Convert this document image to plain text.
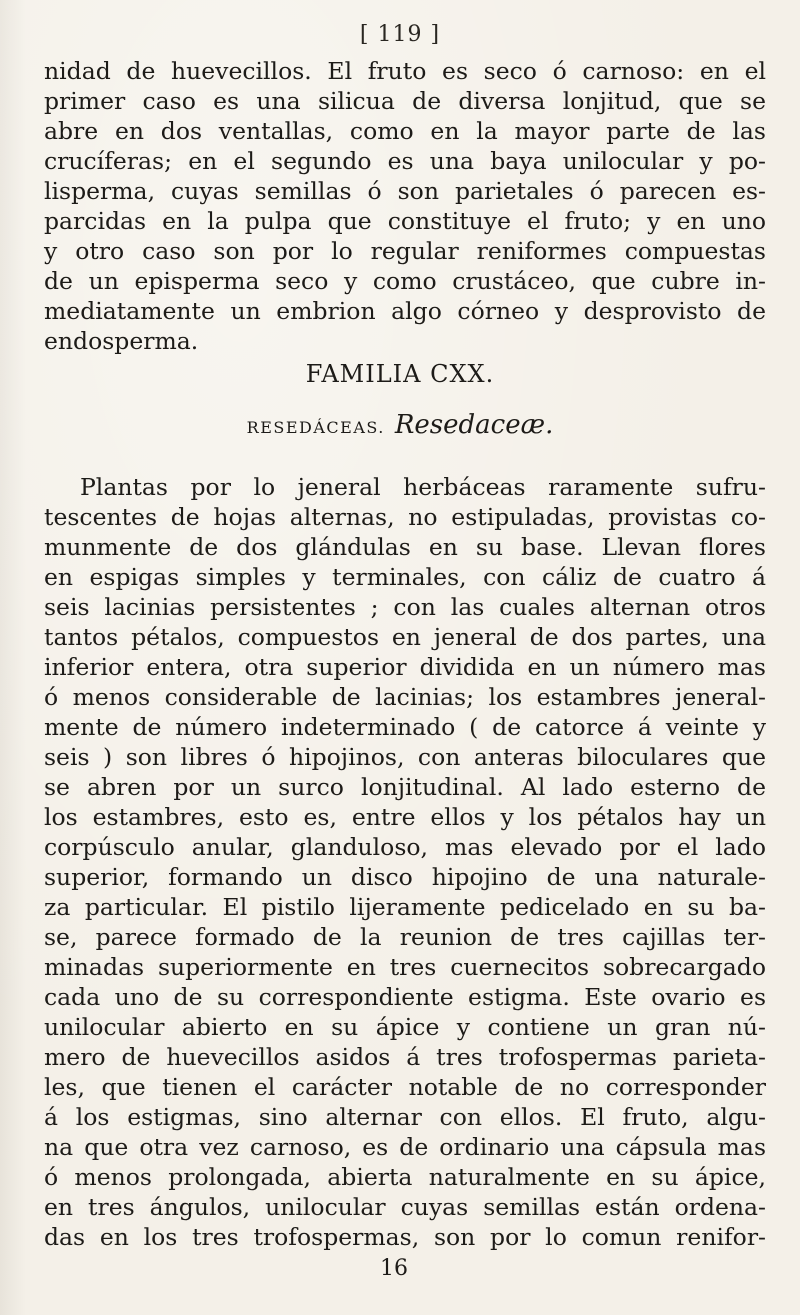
[ 119 ]
nidad de huevecillos. El fruto es seco ó carnoso: en el
primer caso es una silicua de diversa lonjitud, que se
abre en dos ventallas, como en la mayor parte de las
crucíferas; en el segundo es una baya unilocular y po-
lisperma, cuyas semillas ó son parietales ó parecen es-
parcidas en la pulpa que constituye el fruto; y en uno
y otro caso son por lo regular reniformes compuestas
de un episperma seco y como crustáceo, que cubre in-
mediatamente un embrion algo córneo y desprovisto de
endosperma.
FAMILIA CXX.
RESEDÁCEAS. Resedaceæ.
Plantas por lo jeneral herbáceas raramente sufru-
tescentes de hojas alternas, no estipuladas, provistas co-
munmente de dos glándulas en su base. Llevan flores
en espigas simples y terminales, con cáliz de cuatro á
seis lacinias persistentes ; con las cuales alternan otros
tantos pétalos, compuestos en jeneral de dos partes, una
inferior entera, otra superior dividida en un número mas
ó menos considerable de lacinias; los estambres jeneral-
mente de número indeterminado ( de catorce á veinte y
seis ) son libres ó hipojinos, con anteras biloculares que
se abren por un surco lonjitudinal. Al lado esterno de
los estambres, esto es, entre ellos y los pétalos hay un
corpúsculo anular, glanduloso, mas elevado por el lado
superior, formando un disco hipojino de una naturale-
za particular. El pistilo lijeramente pedicelado en su ba-
se, parece formado de la reunion de tres cajillas ter-
minadas superiormente en tres cuernecitos sobrecargado
cada uno de su correspondiente estigma. Este ovario es
unilocular abierto en su ápice y contiene un gran nú-
mero de huevecillos asidos á tres trofospermas parieta-
les, que tienen el carácter notable de no corresponder
á los estigmas, sino alternar con ellos. El fruto, algu-
na que otra vez carnoso, es de ordinario una cápsula mas
ó menos prolongada, abierta naturalmente en su ápice,
en tres ángulos, unilocular cuyas semillas están ordena-
das en los tres trofospermas, son por lo comun renifor-
16
